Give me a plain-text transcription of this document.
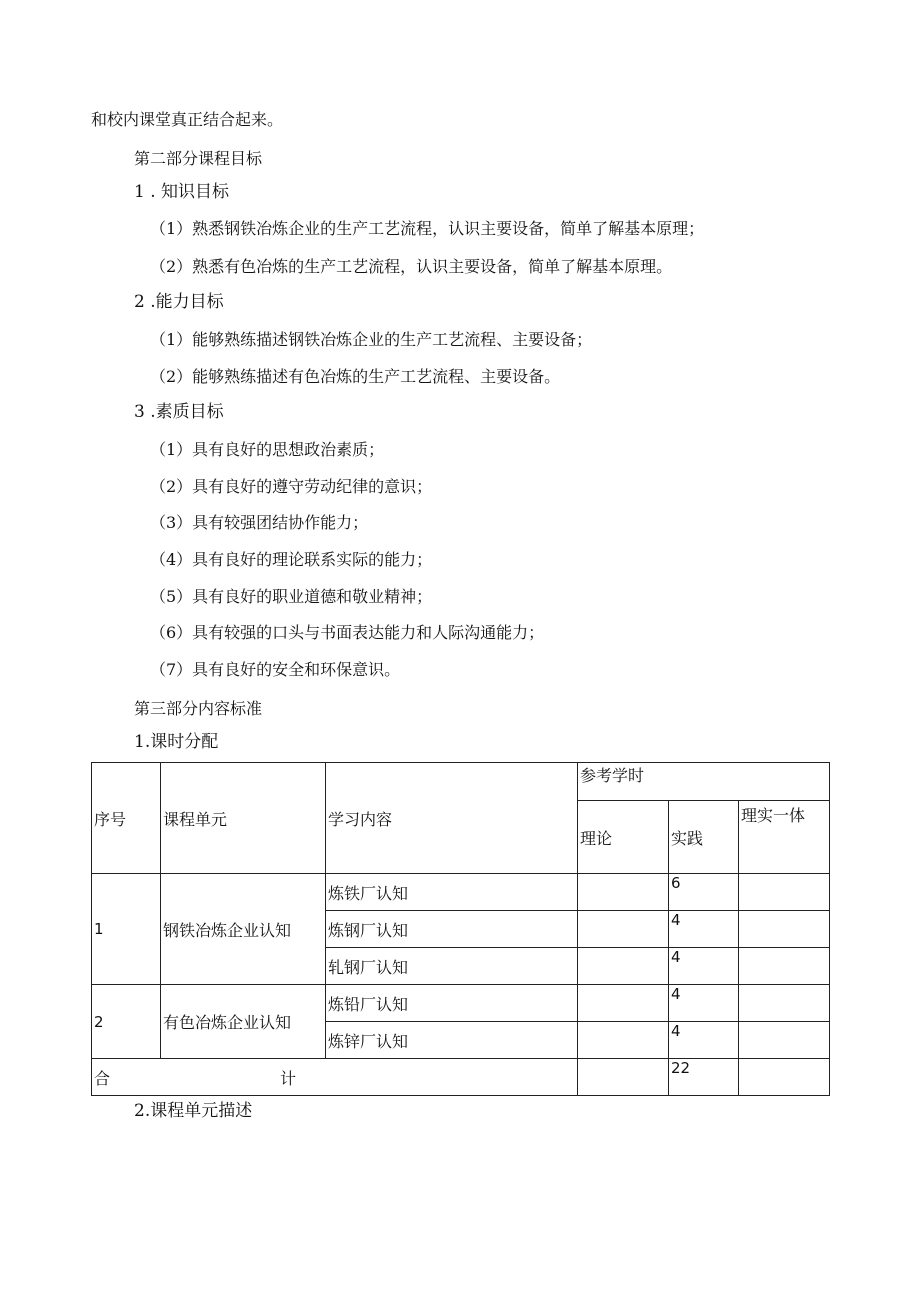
和校内课堂真正结合起来。
第二部分课程目标
1 . 知识目标
（1）熟悉钢铁冶炼企业的生产工艺流程，认识主要设备，简单了解基本原理；
（2）熟悉有色冶炼的生产工艺流程，认识主要设备，简单了解基本原理。
2 .能力目标
（1）能够熟练描述钢铁冶炼企业的生产工艺流程、主要设备；
（2）能够熟练描述有色冶炼的生产工艺流程、主要设备。
3 .素质目标
（1）具有良好的思想政治素质；
（2）具有良好的遵守劳动纪律的意识；
（3）具有较强团结协作能力；
（4）具有良好的理论联系实际的能力；
（5）具有良好的职业道德和敬业精神；
（6）具有较强的口头与书面表达能力和人际沟通能力；
（7）具有良好的安全和环保意识。
第三部分内容标准
1.课时分配
序号	课程单元	学习内容	参考学时		
			理论	实践	理实一体
1	钢铁冶炼企业认知	炼铁厂认知		6	
		炼钢厂认知		4	
		轧钢厂认知		4	
2	有色冶炼企业认知	炼铅厂认知		4	
		炼锌厂认知		4	
合 计				22	
2.课程单元描述
